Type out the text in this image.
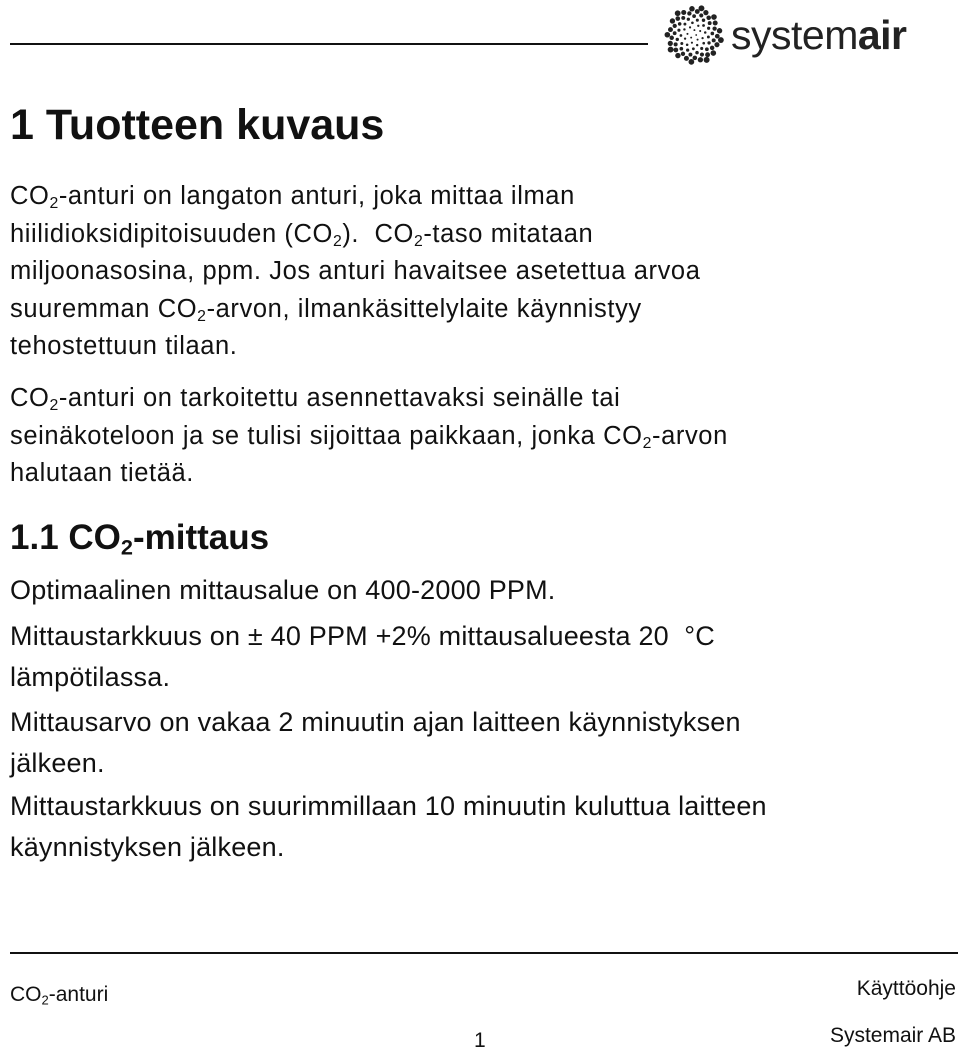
systemair
1 Tuotteen kuvaus

$CO_2$-anturi on langaton anturi, joka mittaa ilman
hiilidioksidipitoisuuden $(CO_2)$.  $CO_2$-taso mitataan
miljoonasosina, ppm. Jos anturi havaitsee asetettua arvoa
suuremman $CO_2$-arvon, ilmankäsittelylaite käynnistyy
tehostettuun tilaan.

$CO_2$-anturi on tarkoitettu asennettavaksi seinälle tai
seinäkoteloon ja se tulisi sijoittaa paikkaan, jonka $CO_2$-arvon
halutaan tietää.

1.1 $CO_2$-mittaus

Optimaalinen mittausalue on 400-2000 PPM.

Mittaustarkkuus on ± 40 PPM +2% mittausalueesta 20  °C
lämpötilassa.

Mittausarvo on vakaa 2 minuutin ajan laitteen käynnistyksen
jälkeen.

Mittaustarkkuus on suurimmillaan 10 minuutin kuluttua laitteen
käynnistyksen jälkeen.

$CO_2$-anturi	Käyttöohje
1	Systemair AB
